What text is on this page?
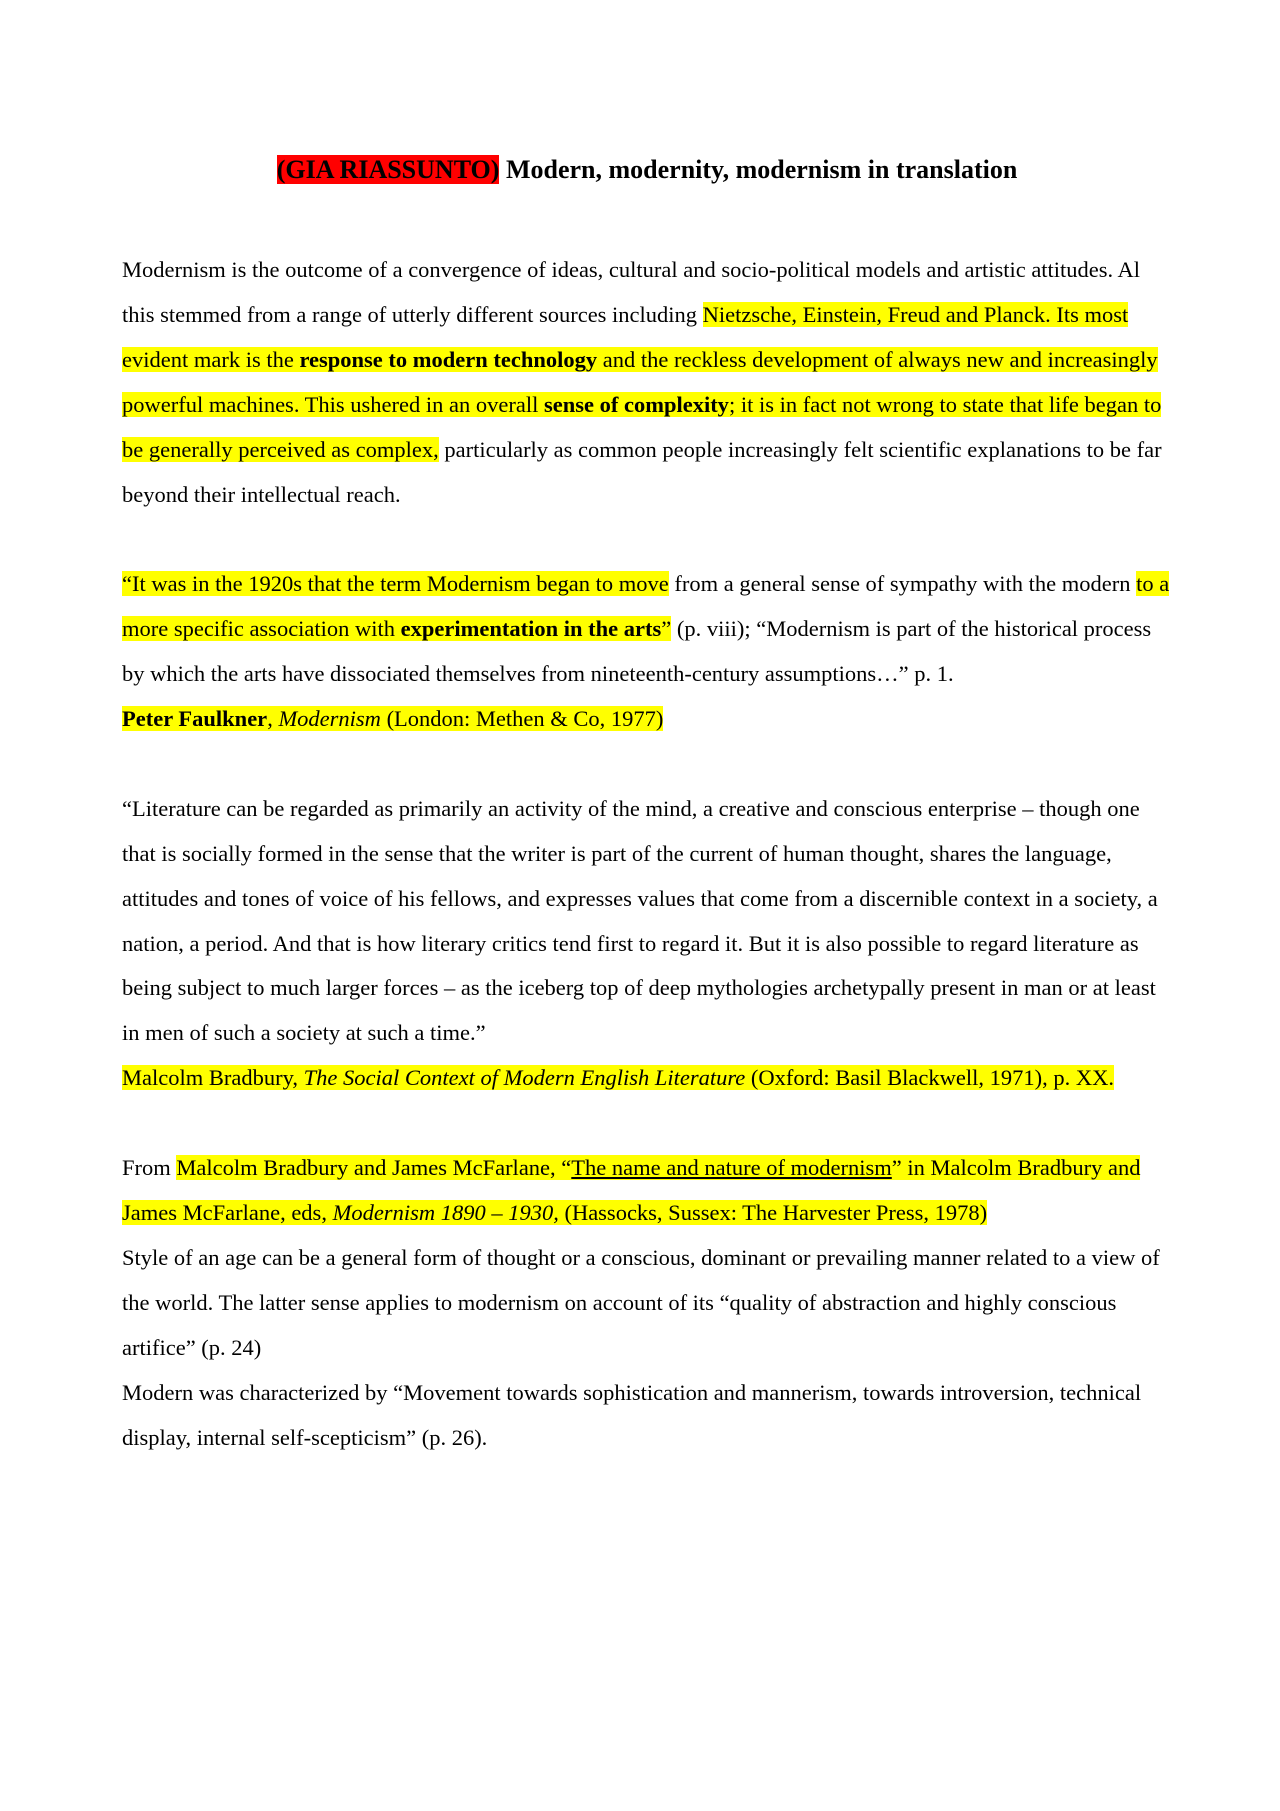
(GIA RIASSUNTO) Modern, modernity, modernism in translation

Modernism is the outcome of a convergence of ideas, cultural and socio-political models and artistic attitudes. Al this stemmed from a range of utterly different sources including Nietzsche, Einstein, Freud and Planck. Its most evident mark is the response to modern technology and the reckless development of always new and increasingly powerful machines. This ushered in an overall sense of complexity; it is in fact not wrong to state that life began to be generally perceived as complex, particularly as common people increasingly felt scientific explanations to be far beyond their intellectual reach.

“It was in the 1920s that the term Modernism began to move from a general sense of sympathy with the modern to a more specific association with experimentation in the arts” (p. viii); “Modernism is part of the historical process by which the arts have dissociated themselves from nineteenth-century assumptions…” p. 1.

Peter Faulkner, Modernism (London: Methen & Co, 1977)

“Literature can be regarded as primarily an activity of the mind, a creative and conscious enterprise – though one that is socially formed in the sense that the writer is part of the current of human thought, shares the language, attitudes and tones of voice of his fellows, and expresses values that come from a discernible context in a society, a nation, a period. And that is how literary critics tend first to regard it. But it is also possible to regard literature as being subject to much larger forces – as the iceberg top of deep mythologies archetypally present in man or at least in men of such a society at such a time.”

Malcolm Bradbury, The Social Context of Modern English Literature (Oxford: Basil Blackwell, 1971), p. XX.

From Malcolm Bradbury and James McFarlane, “The name and nature of modernism” in Malcolm Bradbury and James McFarlane, eds, Modernism 1890 – 1930, (Hassocks, Sussex: The Harvester Press, 1978)

Style of an age can be a general form of thought or a conscious, dominant or prevailing manner related to a view of the world. The latter sense applies to modernism on account of its “quality of abstraction and highly conscious artifice” (p. 24)

Modern was characterized by “Movement towards sophistication and mannerism, towards introversion, technical display, internal self-scepticism” (p. 26).
